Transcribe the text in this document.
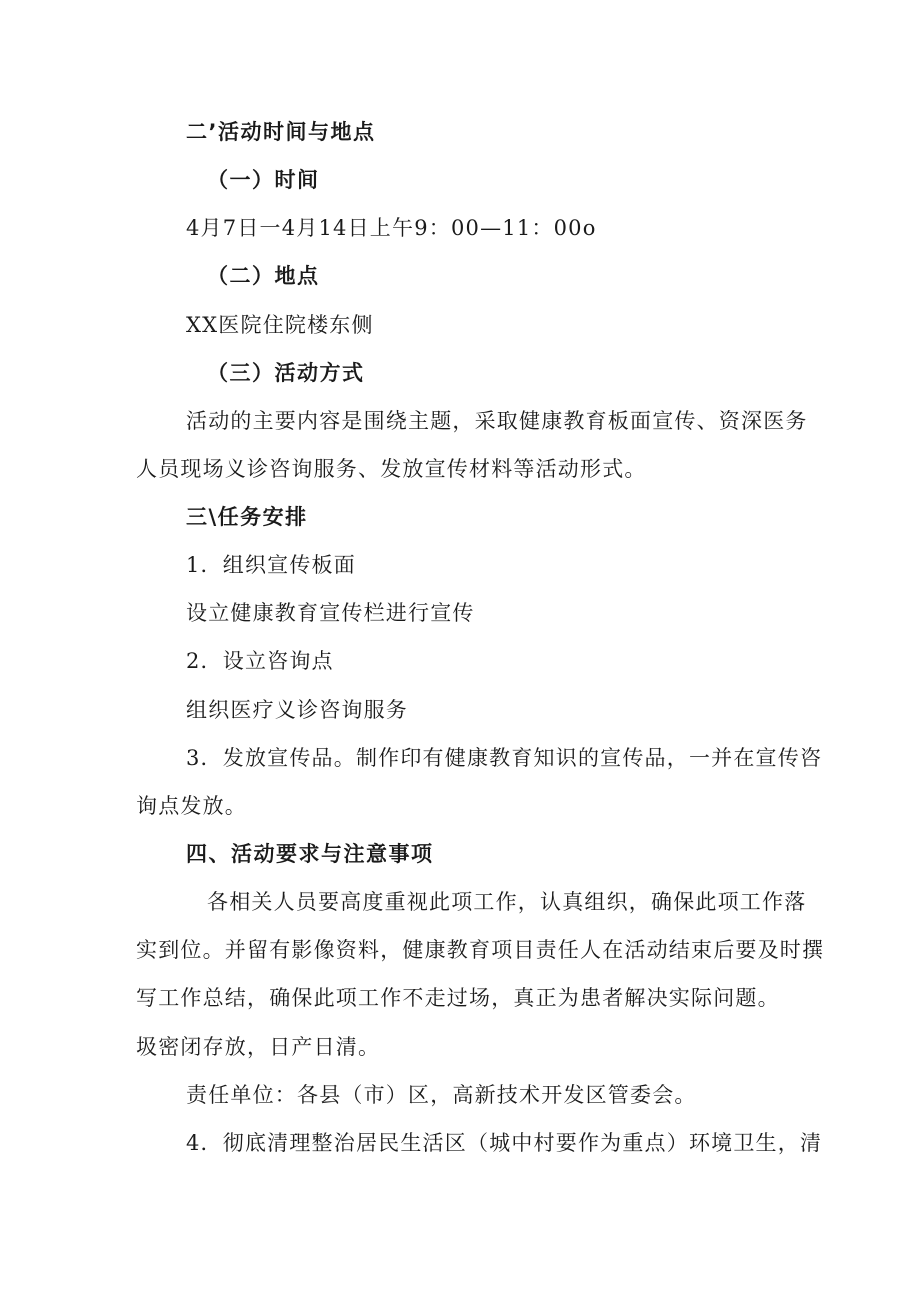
二’活动时间与地点
（一）时间
4月7日一4月14日上午9：00—11：00o
（二）地点
XX医院住院楼东侧
（三）活动方式
活动的主要内容是围绕主题，采取健康教育板面宣传、资深医务
人员现场义诊咨询服务、发放宣传材料等活动形式。
三\任务安排
1．组织宣传板面
设立健康教育宣传栏进行宣传
2．设立咨询点
组织医疗义诊咨询服务
3．发放宣传品。制作印有健康教育知识的宣传品，一并在宣传咨
询点发放。
四、活动要求与注意事项
各相关人员要高度重视此项工作，认真组织，确保此项工作落
实到位。并留有影像资料，健康教育项目责任人在活动结束后要及时撰
写工作总结，确保此项工作不走过场，真正为患者解决实际问题。
圾密闭存放，日产日清。
责任单位：各县（市）区，高新技术开发区管委会。
4．彻底清理整治居民生活区（城中村要作为重点）环境卫生，清
